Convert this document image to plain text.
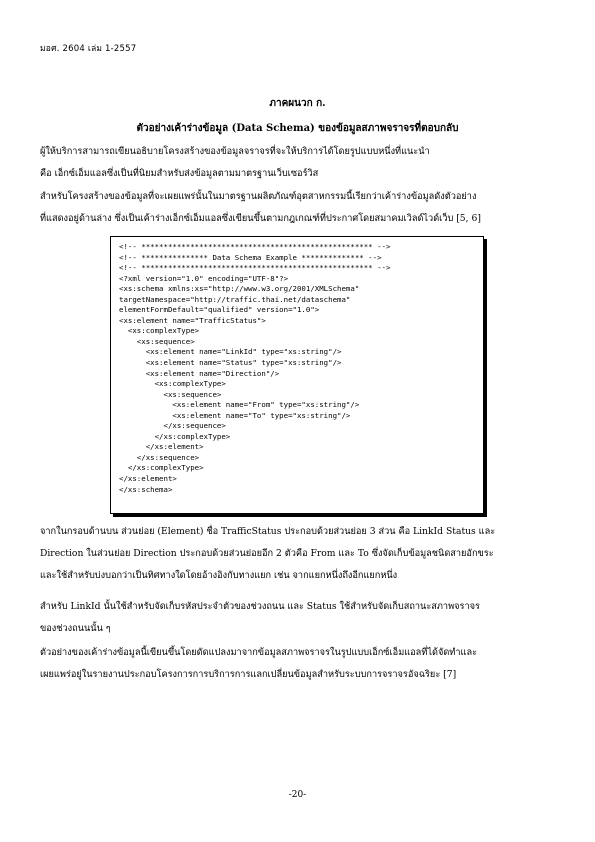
มอศ. 2604 เล่ม 1-2557
ภาคผนวก ก.
ตัวอย่างเค้าร่างข้อมูล (Data Schema) ของข้อมูลสภาพจราจรที่ตอบกลับ
ผู้ให้บริการสามารถเขียนอธิบายโครงสร้างของข้อมูลจราจรที่จะให้บริการได้โดยรูปแบบหนึ่งที่แนะนำ
คือ เอ็กซ์เอ็มแอลซึ่งเป็นที่นิยมสำหรับส่งข้อมูลตามมาตรฐานเว็บเซอร์วิส
สำหรับโครงสร้างของข้อมูลที่จะเผยแพร่นั้นในมาตรฐานผลิตภัณฑ์อุตสาหกรรมนี้เรียกว่าเค้าร่างข้อมูลดังตัวอย่าง
ที่แสดงอยู่ด้านล่าง ซึ่งเป็นเค้าร่างเอ็กซ์เอ็มแอลซึ่งเขียนขึ้นตามกฎเกณฑ์ที่ประกาศโดยสมาคมเวิลด์ไวด์เว็บ [5, 6]
<!-- **************************************************** -->
<!-- *************** Data Schema Example ************** -->
<!-- **************************************************** -->
<?xml version="1.0" encoding="UTF-8"?>
<xs:schema xmlns:xs="http://www.w3.org/2001/XMLSchema"
targetNamespace="http://traffic.thai.net/dataschema"
elementFormDefault="qualified" version="1.0">
<xs:element name="TrafficStatus">
<xs:complexType>
<xs:sequence>
<xs:element name="LinkId" type="xs:string"/>
<xs:element name="Status" type="xs:string"/>
<xs:element name="Direction"/>
<xs:complexType>
<xs:sequence>
<xs:element name="From" type="xs:string"/>
<xs:element name="To" type="xs:string"/>
</xs:sequence>
</xs:complexType>
</xs:element>
</xs:sequence>
</xs:complexType>
</xs:element>
</xs:schema>
จากในกรอบด้านบน ส่วนย่อย (Element) ชื่อ TrafficStatus ประกอบด้วยส่วนย่อย 3 ส่วน คือ LinkId Status และ
Direction ในส่วนย่อย Direction ประกอบด้วยส่วนย่อยอีก 2 ตัวคือ From และ To ซึ่งจัดเก็บข้อมูลชนิดสายอักขระ
และใช้สำหรับบ่งบอกว่าเป็นทิศทางใดโดยอ้างอิงกับทางแยก เช่น จากแยกหนึ่งถึงอีกแยกหนึ่ง
สำหรับ LinkId นั้นใช้สำหรับจัดเก็บรหัสประจำตัวของช่วงถนน และ Status ใช้สำหรับจัดเก็บสถานะสภาพจราจร
ของช่วงถนนนั้น ๆ
ตัวอย่างของเค้าร่างข้อมูลนี้เขียนขึ้นโดยดัดแปลงมาจากข้อมูลสภาพจราจรในรูปแบบเอ็กซ์เอ็มแอลที่ได้จัดทำและ
เผยแพร่อยู่ในรายงานประกอบโครงการการบริการการแลกเปลี่ยนข้อมูลสำหรับระบบการจราจรอัจฉริยะ [7]
-20-
